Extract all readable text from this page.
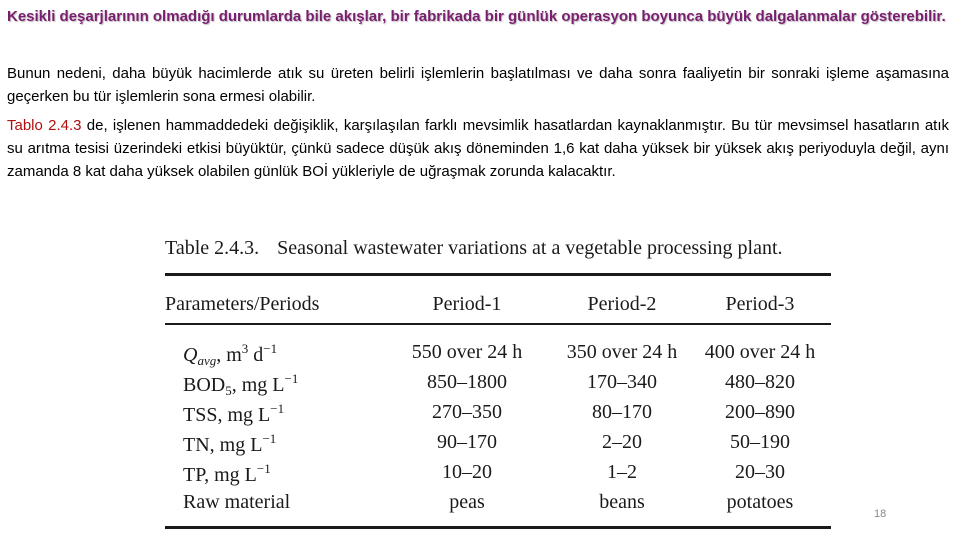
Kesikli deşarjlarının olmadığı durumlarda bile akışlar, bir fabrikada bir günlük operasyon boyunca büyük dalgalanmalar gösterebilir.

Bunun nedeni, daha büyük hacimlerde atık su üreten belirli işlemlerin başlatılması ve daha sonra faaliyetin bir sonraki işleme aşamasına geçerken bu tür işlemlerin sona ermesi olabilir.

Tablo 2.4.3 de, işlenen hammaddedeki değişiklik, karşılaşılan farklı mevsimlik hasatlardan kaynaklanmıştır. Bu tür mevsimsel hasatların atık su arıtma tesisi üzerindeki etkisi büyüktür, çünkü sadece düşük akış döneminden 1,6 kat daha yüksek bir yüksek akış periyoduyla değil, aynı zamanda 8 kat daha yüksek olabilen günlük BOİ yükleriyle de uğraşmak zorunda kalacaktır.

Table 2.4.3. Seasonal wastewater variations at a vegetable processing plant.
Parameters/Periods	Period-1	Period-2	Period-3
$Q_{avg}$, $m^3$ $d^{-1}$	550 over 24 h	350 over 24 h	400 over 24 h
$BOD_5$, mg $L^{-1}$	850–1800	170–340	480–820
TSS, mg $L^{-1}$	270–350	80–170	200–890
TN, mg $L^{-1}$	90–170	2–20	50–190
TP, mg $L^{-1}$	10–20	1–2	20–30
Raw material	peas	beans	potatoes
18
